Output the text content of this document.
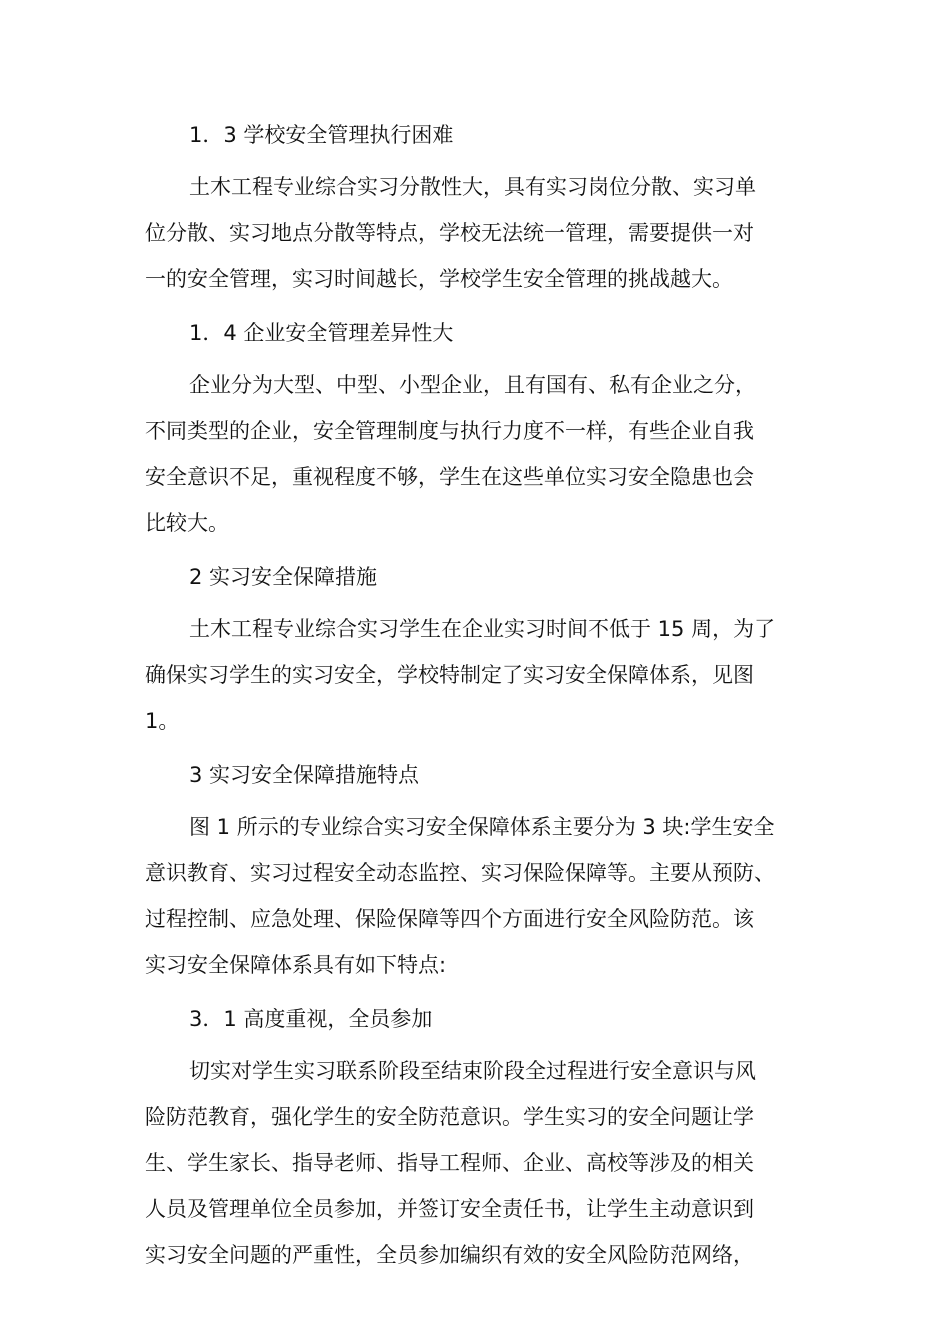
1．3 学校安全管理执行困难
土木工程专业综合实习分散性大，具有实习岗位分散、实习单
位分散、实习地点分散等特点，学校无法统一管理，需要提供一对
一的安全管理，实习时间越长，学校学生安全管理的挑战越大。
1．4 企业安全管理差异性大
企业分为大型、中型、小型企业，且有国有、私有企业之分，
不同类型的企业，安全管理制度与执行力度不一样，有些企业自我
安全意识不足，重视程度不够，学生在这些单位实习安全隐患也会
比较大。
2 实习安全保障措施
土木工程专业综合实习学生在企业实习时间不低于 15 周，为了
确保实习学生的实习安全，学校特制定了实习安全保障体系，见图
1。
3 实习安全保障措施特点
图 1 所示的专业综合实习安全保障体系主要分为 3 块:学生安全
意识教育、实习过程安全动态监控、实习保险保障等。主要从预防、
过程控制、应急处理、保险保障等四个方面进行安全风险防范。该
实习安全保障体系具有如下特点:
3．1 高度重视，全员参加
切实对学生实习联系阶段至结束阶段全过程进行安全意识与风
险防范教育，强化学生的安全防范意识。学生实习的安全问题让学
生、学生家长、指导老师、指导工程师、企业、高校等涉及的相关
人员及管理单位全员参加，并签订安全责任书，让学生主动意识到
实习安全问题的严重性，全员参加编织有效的安全风险防范网络，
